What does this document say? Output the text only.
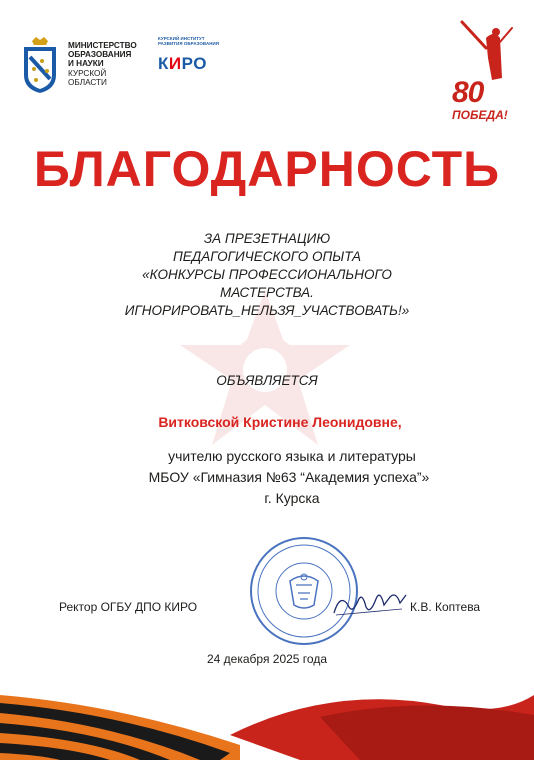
МИНИСТЕРСТВО
ОБРАЗОВАНИЯ
И НАУКИ
КУРСКОЙ
ОБЛАСТИ
КУРСКИЙ ИНСТИТУТ
РАЗВИТИЯ ОБРАЗОВАНИЯ
К И РО
80
ПОБЕДА!
БЛАГОДАРНОСТЬ
ЗА ПРЕЗЕТНАЦИЮ
ПЕДАГОГИЧЕСКОГО ОПЫТА
«КОНКУРСЫ ПРОФЕССИОНАЛЬНОГО
МАСТЕРСТВА.
ИГНОРИРОВАТЬ_НЕЛЬЗЯ_УЧАСТВОВАТЬ!»
ОБЪЯВЛЯЕТСЯ
Витковской Кристине Леонидовне,
учителю русского языка и литературы
МБОУ «Гимназия №63 “Академия успеха”»
г. Курска
Ректор ОГБУ ДПО КИРО	К.В. Коптева
24 декабря 2025 года
